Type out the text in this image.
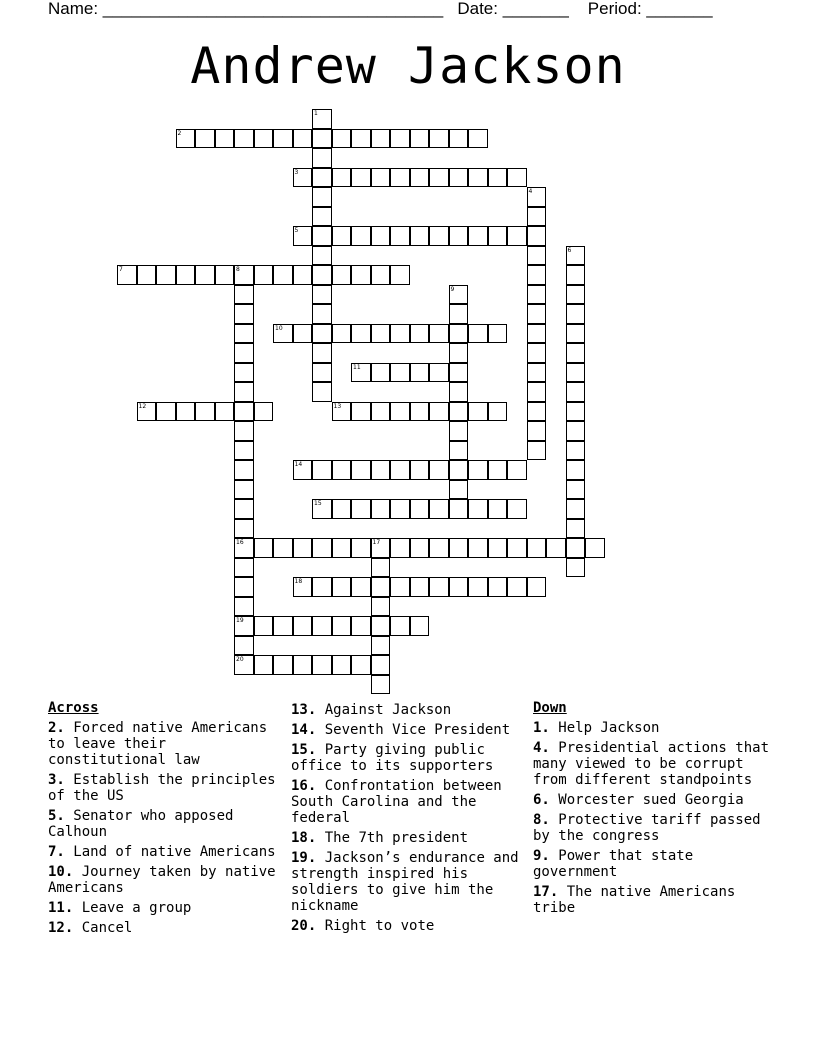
Name: ____________________________________ Date: _______ Period: _______
Andrew Jackson
1
2
3
4
5
6
7	8
16
19
20
9
10
11
12	13
14
15
17
18
Across
2. Forced native Americans to leave their constitutional law
3. Establish the principles of the US
5. Senator who apposed Calhoun
7. Land of native Americans
10. Journey taken by native Americans
11. Leave a group
12. Cancel
13. Against Jackson
14. Seventh Vice President
15. Party giving public office to its supporters
16. Confrontation between South Carolina and the federal
18. The 7th president
19. Jackson’s endurance and strength inspired his soldiers to give him the nickname
20. Right to vote
Down
1. Help Jackson
4. Presidential actions that many viewed to be corrupt from different standpoints
6. Worcester sued Georgia
8. Protective tariff passed by the congress
9. Power that state government
17. The native Americans tribe
